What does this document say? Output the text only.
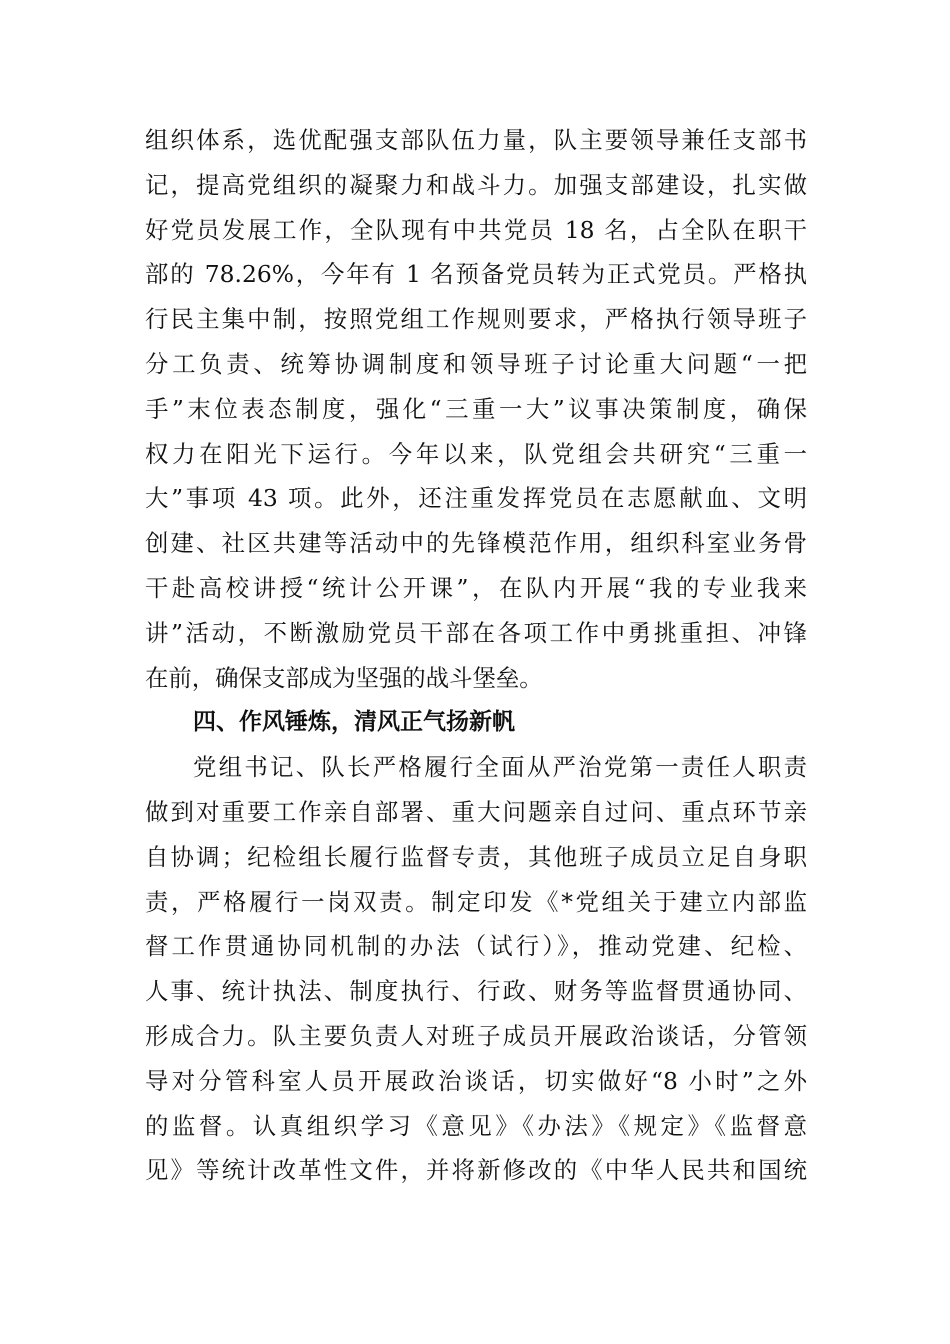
组织体系，选优配强支部队伍力量，队主要领导兼任支部书
记，提高党组织的凝聚力和战斗力。加强支部建设，扎实做
好党员发展工作，全队现有中共党员 18 名，占全队在职干
部的 78.26%，今年有 1 名预备党员转为正式党员。严格执
行民主集中制，按照党组工作规则要求，严格执行领导班子
分工负责、统筹协调制度和领导班子讨论重大问题“一把
手”末位表态制度，强化“三重一大”议事决策制度，确保
权力在阳光下运行。今年以来，队党组会共研究“三重一
大”事项 43 项。此外，还注重发挥党员在志愿献血、文明
创建、社区共建等活动中的先锋模范作用，组织科室业务骨
干赴高校讲授“统计公开课”，在队内开展“我的专业我来
讲”活动，不断激励党员干部在各项工作中勇挑重担、冲锋
在前，确保支部成为坚强的战斗堡垒。
四、作风锤炼，清风正气扬新帆
党组书记、队长严格履行全面从严治党第一责任人职责
做到对重要工作亲自部署、重大问题亲自过问、重点环节亲
自协调；纪检组长履行监督专责，其他班子成员立足自身职
责，严格履行一岗双责。制定印发《*党组关于建立内部监
督工作贯通协同机制的办法（试行）》，推动党建、纪检、
人事、统计执法、制度执行、行政、财务等监督贯通协同、
形成合力。队主要负责人对班子成员开展政治谈话，分管领
导对分管科室人员开展政治谈话，切实做好“8 小时”之外
的监督。认真组织学习《意见》《办法》《规定》《监督意
见》等统计改革性文件，并将新修改的《中华人民共和国统
